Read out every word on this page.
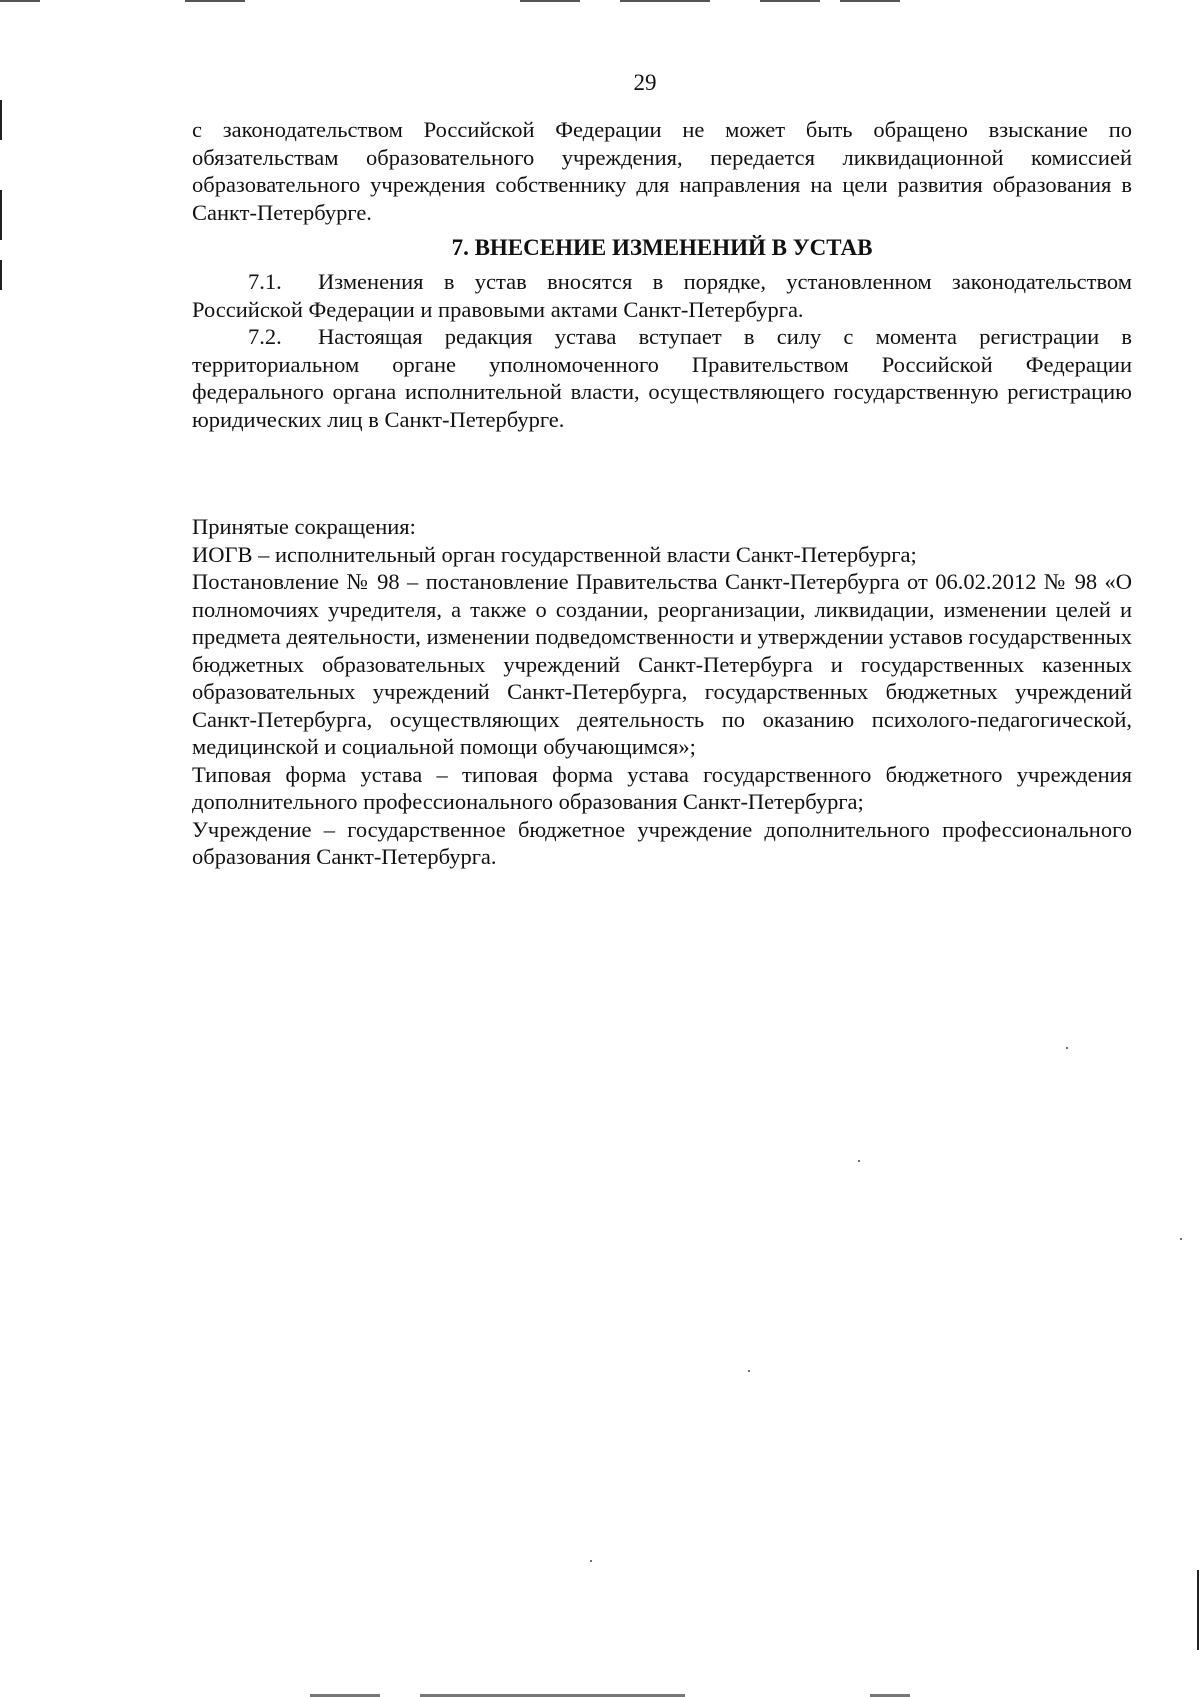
29

с законодательством Российской Федерации не может быть обращено взыскание по обязательствам образовательного учреждения, передается ликвидационной комиссией образовательного учреждения собственнику для направления на цели развития образования в Санкт-Петербурге.

7. ВНЕСЕНИЕ ИЗМЕНЕНИЙ В УСТАВ

7.1. Изменения в устав вносятся в порядке, установленном законодательством Российской Федерации и правовыми актами Санкт-Петербурга.

7.2. Настоящая редакция устава вступает в силу с момента регистрации в территориальном органе уполномоченного Правительством Российской Федерации федерального органа исполнительной власти, осуществляющего государственную регистрацию юридических лиц в Санкт-Петербурге.

Принятые сокращения:

ИОГВ – исполнительный орган государственной власти Санкт-Петербурга;

Постановление № 98 – постановление Правительства Санкт-Петербурга от 06.02.2012 № 98 «О полномочиях учредителя, а также о создании, реорганизации, ликвидации, изменении целей и предмета деятельности, изменении подведомственности и утверждении уставов государственных бюджетных образовательных учреждений Санкт-Петербурга и государственных казенных образовательных учреждений Санкт-Петербурга, государственных бюджетных учреждений Санкт-Петербурга, осуществляющих деятельность по оказанию психолого-педагогической, медицинской и социальной помощи обучающимся»;

Типовая форма устава – типовая форма устава государственного бюджетного учреждения дополнительного профессионального образования Санкт-Петербурга;

Учреждение – государственное бюджетное учреждение дополнительного профессионального образования Санкт-Петербурга.
